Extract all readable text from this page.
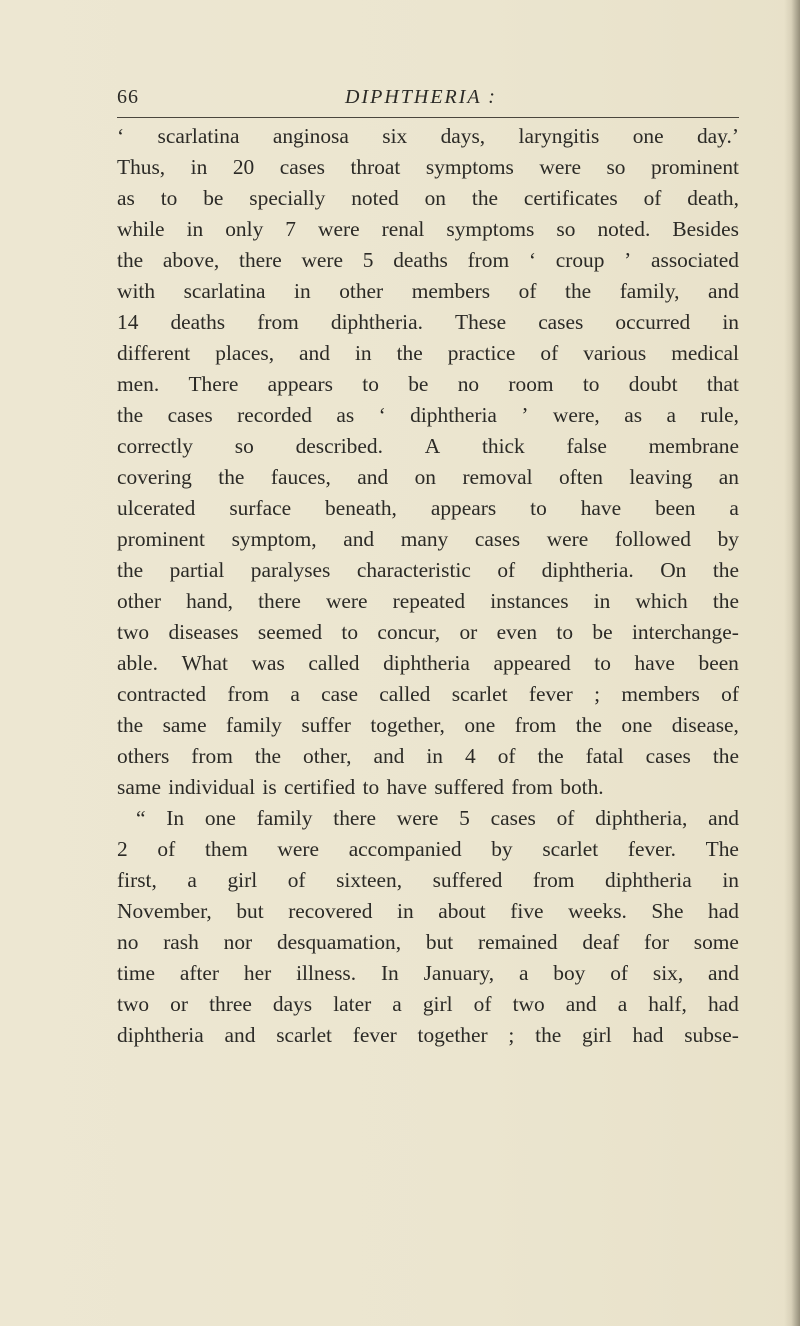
66	DIPHTHERIA :
‘ scarlatina anginosa six days, laryngitis one day.’
Thus, in 20 cases throat symptoms were so prominent
as to be specially noted on the certificates of death,
while in only 7 were renal symptoms so noted. Besides
the above, there were 5 deaths from ‘ croup ’ associated
with scarlatina in other members of the family, and
14 deaths from diphtheria. These cases occurred in
different places, and in the practice of various medical
men. There appears to be no room to doubt that
the cases recorded as ‘ diphtheria ’ were, as a rule,
correctly so described. A thick false membrane
covering the fauces, and on removal often leaving an
ulcerated surface beneath, appears to have been a
prominent symptom, and many cases were followed by
the partial paralyses characteristic of diphtheria. On the
other hand, there were repeated instances in which the
two diseases seemed to concur, or even to be interchange-
able. What was called diphtheria appeared to have been
contracted from a case called scarlet fever ; members of
the same family suffer together, one from the one disease,
others from the other, and in 4 of the fatal cases the
same individual is certified to have suffered from both.
“ In one family there were 5 cases of diphtheria, and
2 of them were accompanied by scarlet fever. The
first, a girl of sixteen, suffered from diphtheria in
November, but recovered in about five weeks. She had
no rash nor desquamation, but remained deaf for some
time after her illness. In January, a boy of six, and
two or three days later a girl of two and a half, had
diphtheria and scarlet fever together ; the girl had subse-
